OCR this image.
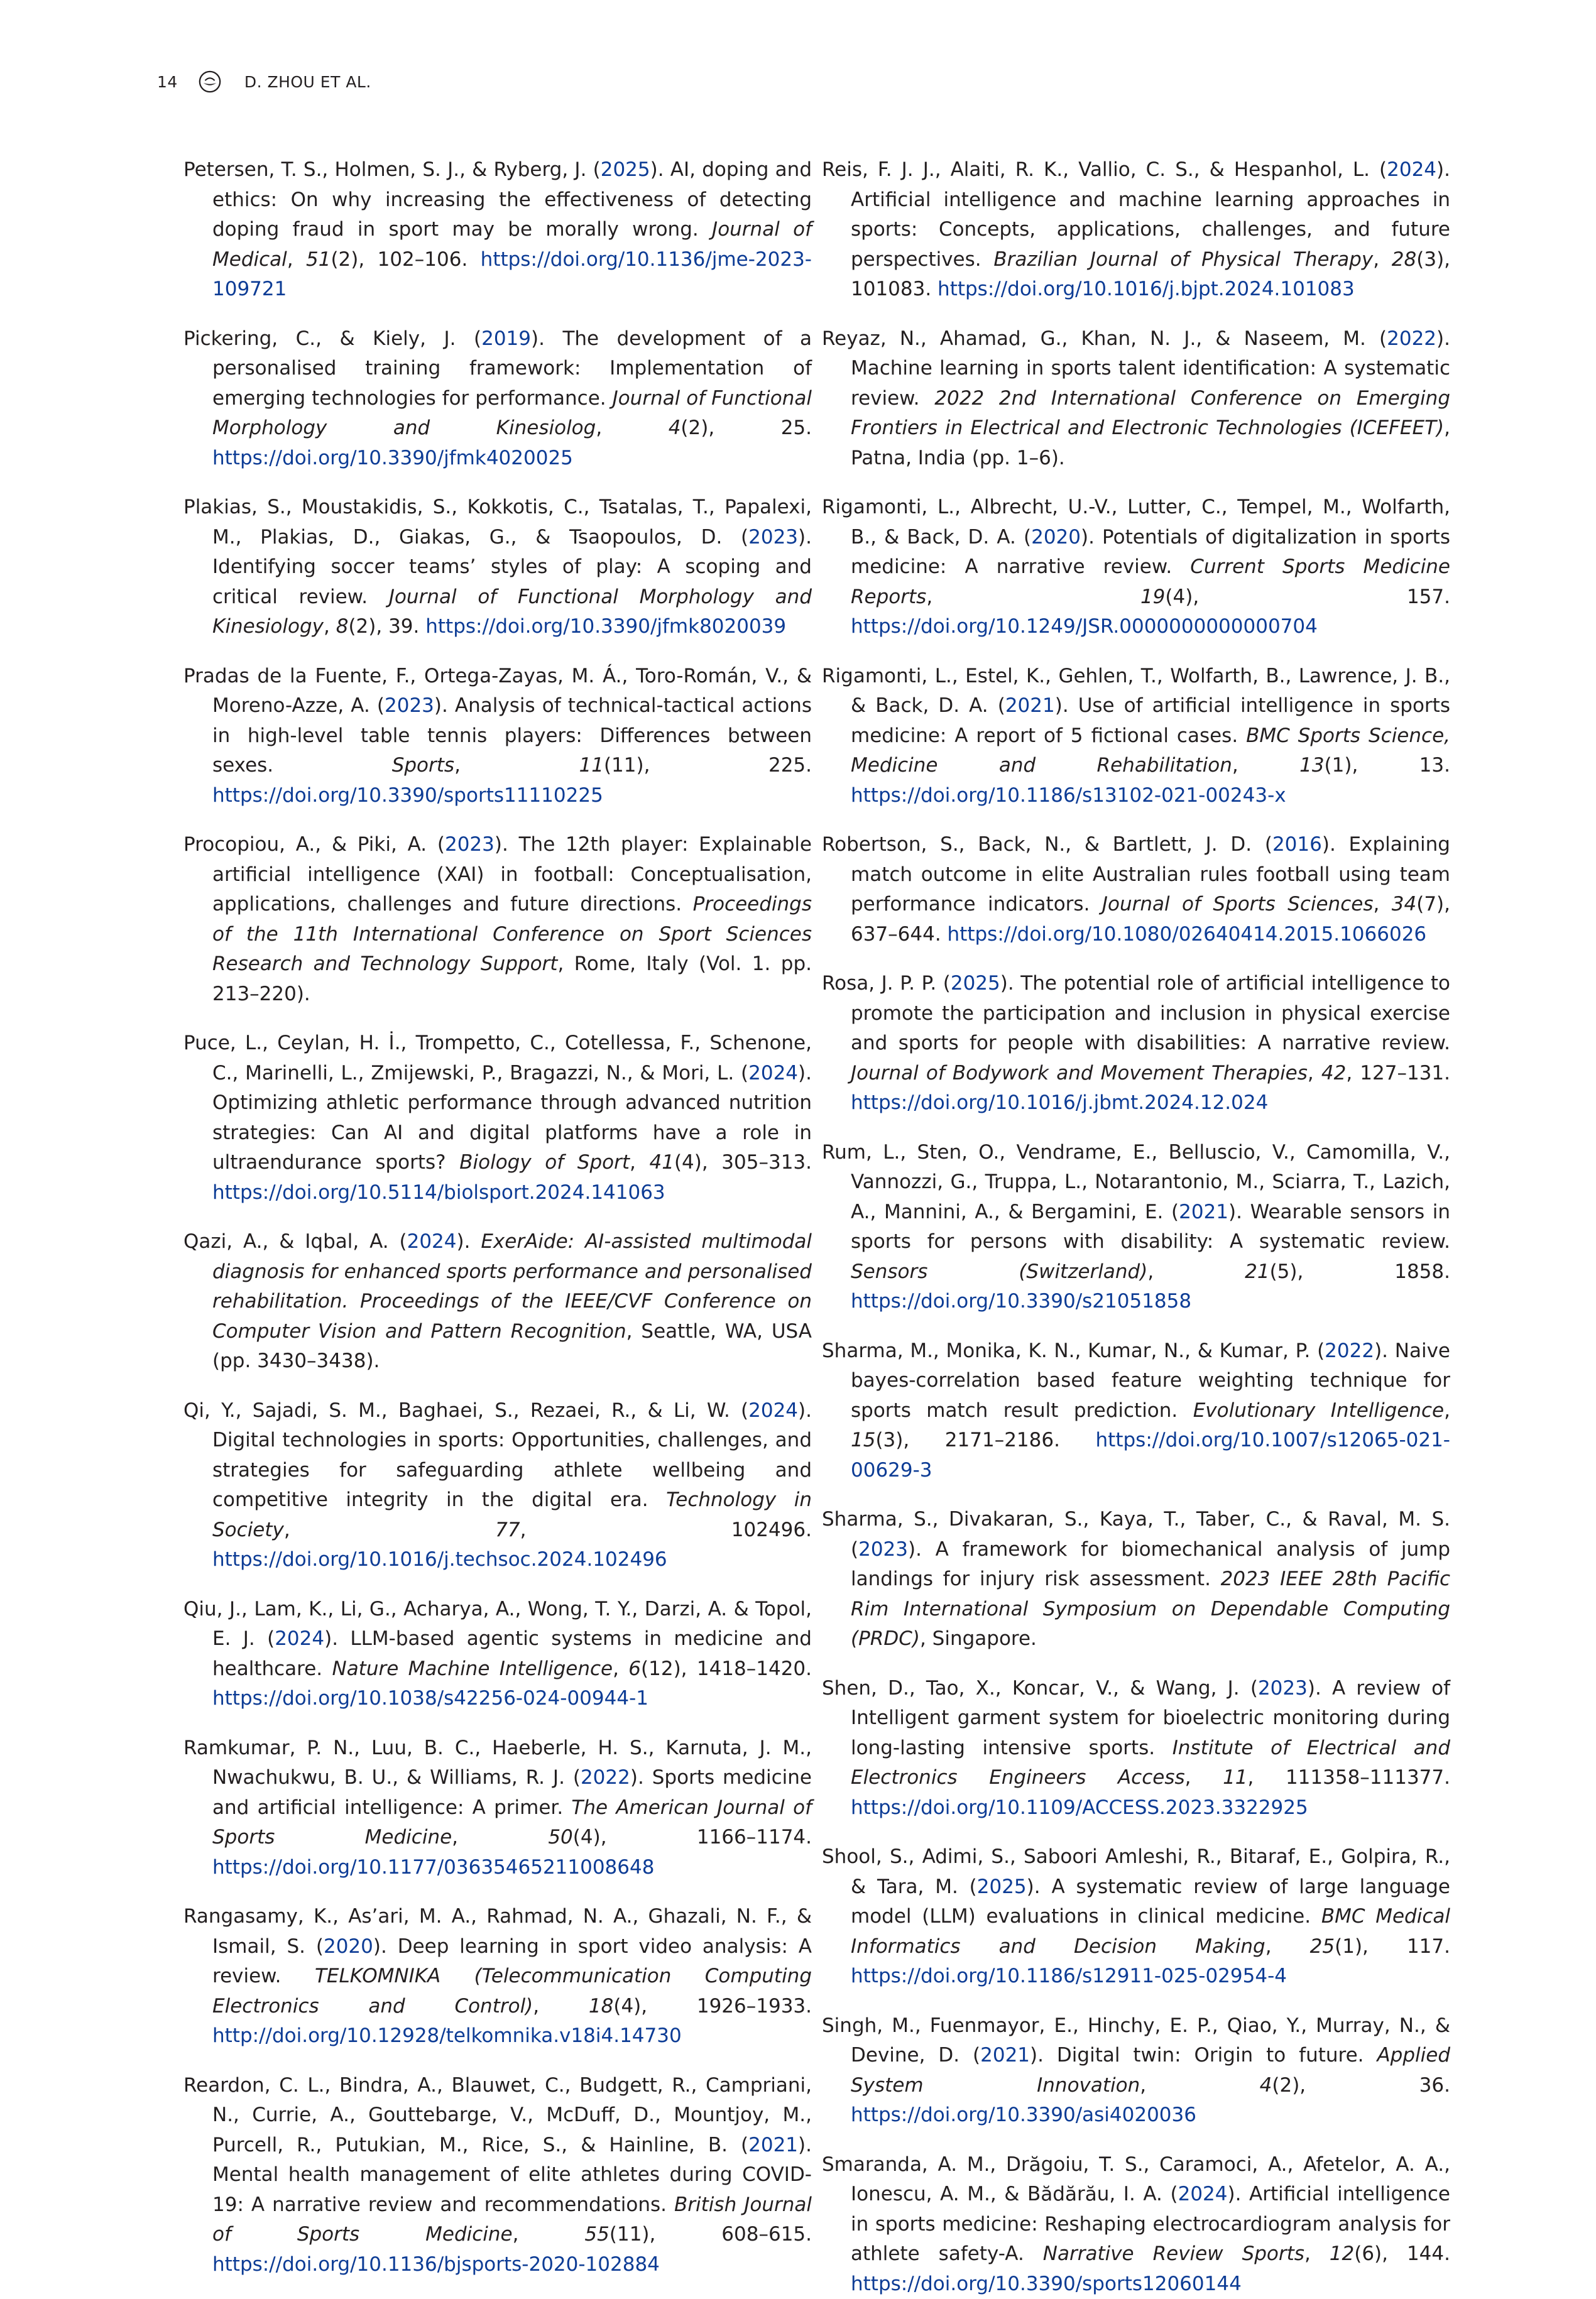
14	D. ZHOU ET AL.

Petersen, T. S., Holmen, S. J., & Ryberg, J. (2025). AI, doping and ethics: On why increasing the effectiveness of detecting doping fraud in sport may be morally wrong. Journal of Medical, 51(2), 102–106. https://doi.org/10.1136/jme-2023-109721

Pickering, C., & Kiely, J. (2019). The development of a personalised training framework: Implementation of emerging technologies for performance. Journal of Functional Morphology and Kinesiolog, 4(2), 25. https://doi.org/10.3390/jfmk4020025

Plakias, S., Moustakidis, S., Kokkotis, C., Tsatalas, T., Papalexi, M., Plakias, D., Giakas, G., & Tsaopoulos, D. (2023). Identifying soccer teams’ styles of play: A scoping and critical review. Journal of Functional Morphology and Kinesiology, 8(2), 39. https://doi.org/10.3390/jfmk8020039

Pradas de la Fuente, F., Ortega-Zayas, M. Á., Toro-Román, V., & Moreno-Azze, A. (2023). Analysis of technical-tactical actions in high-level table tennis players: Differences between sexes. Sports, 11(11), 225. https://doi.org/10.3390/sports11110225

Procopiou, A., & Piki, A. (2023). The 12th player: Explainable artificial intelligence (XAI) in football: Conceptualisation, applications, challenges and future directions. Proceedings of the 11th International Conference on Sport Sciences Research and Technology Support, Rome, Italy (Vol. 1. pp. 213–220).

Puce, L., Ceylan, H. İ., Trompetto, C., Cotellessa, F., Schenone, C., Marinelli, L., Zmijewski, P., Bragazzi, N., & Mori, L. (2024). Optimizing athletic performance through advanced nutrition strategies: Can AI and digital platforms have a role in ultraendurance sports? Biology of Sport, 41(4), 305–313. https://doi.org/10.5114/biolsport.2024.141063

Qazi, A., & Iqbal, A. (2024). ExerAide: AI-assisted multimodal diagnosis for enhanced sports performance and personalised rehabilitation. Proceedings of the IEEE/CVF Conference on Computer Vision and Pattern Recognition, Seattle, WA, USA (pp. 3430–3438).

Qi, Y., Sajadi, S. M., Baghaei, S., Rezaei, R., & Li, W. (2024). Digital technologies in sports: Opportunities, challenges, and strategies for safeguarding athlete wellbeing and competitive integrity in the digital era. Technology in Society, 77, 102496. https://doi.org/10.1016/j.techsoc.2024.102496

Qiu, J., Lam, K., Li, G., Acharya, A., Wong, T. Y., Darzi, A. & Topol, E. J. (2024). LLM-based agentic systems in medicine and healthcare. Nature Machine Intelligence, 6(12), 1418–1420. https://doi.org/10.1038/s42256-024-00944-1

Ramkumar, P. N., Luu, B. C., Haeberle, H. S., Karnuta, J. M., Nwachukwu, B. U., & Williams, R. J. (2022). Sports medicine and artificial intelligence: A primer. The American Journal of Sports Medicine, 50(4), 1166–1174. https://doi.org/10.1177/03635465211008648

Rangasamy, K., As’ari, M. A., Rahmad, N. A., Ghazali, N. F., & Ismail, S. (2020). Deep learning in sport video analysis: A review. TELKOMNIKA (Telecommunication Computing Electronics and Control), 18(4), 1926–1933. http://doi.org/10.12928/telkomnika.v18i4.14730

Reardon, C. L., Bindra, A., Blauwet, C., Budgett, R., Campriani, N., Currie, A., Gouttebarge, V., McDuff, D., Mountjoy, M., Purcell, R., Putukian, M., Rice, S., & Hainline, B. (2021). Mental health management of elite athletes during COVID-19: A narrative review and recommendations. British Journal of Sports Medicine, 55(11), 608–615. https://doi.org/10.1136/bjsports-2020-102884

Reis, F. J. J., Alaiti, R. K., Vallio, C. S., & Hespanhol, L. (2024). Artificial intelligence and machine learning approaches in sports: Concepts, applications, challenges, and future perspectives. Brazilian Journal of Physical Therapy, 28(3), 101083. https://doi.org/10.1016/j.bjpt.2024.101083

Reyaz, N., Ahamad, G., Khan, N. J., & Naseem, M. (2022). Machine learning in sports talent identification: A systematic review. 2022 2nd International Conference on Emerging Frontiers in Electrical and Electronic Technologies (ICEFEET), Patna, India (pp. 1–6).

Rigamonti, L., Albrecht, U.-V., Lutter, C., Tempel, M., Wolfarth, B., & Back, D. A. (2020). Potentials of digitalization in sports medicine: A narrative review. Current Sports Medicine Reports, 19(4), 157. https://doi.org/10.1249/JSR.0000000000000704

Rigamonti, L., Estel, K., Gehlen, T., Wolfarth, B., Lawrence, J. B., & Back, D. A. (2021). Use of artificial intelligence in sports medicine: A report of 5 fictional cases. BMC Sports Science, Medicine and Rehabilitation, 13(1), 13. https://doi.org/10.1186/s13102-021-00243-x

Robertson, S., Back, N., & Bartlett, J. D. (2016). Explaining match outcome in elite Australian rules football using team performance indicators. Journal of Sports Sciences, 34(7), 637–644. https://doi.org/10.1080/02640414.2015.1066026

Rosa, J. P. P. (2025). The potential role of artificial intelligence to promote the participation and inclusion in physical exercise and sports for people with disabilities: A narrative review. Journal of Bodywork and Movement Therapies, 42, 127–131. https://doi.org/10.1016/j.jbmt.2024.12.024

Rum, L., Sten, O., Vendrame, E., Belluscio, V., Camomilla, V., Vannozzi, G., Truppa, L., Notarantonio, M., Sciarra, T., Lazich, A., Mannini, A., & Bergamini, E. (2021). Wearable sensors in sports for persons with disability: A systematic review. Sensors (Switzerland), 21(5), 1858. https://doi.org/10.3390/s21051858

Sharma, M., Monika, K. N., Kumar, N., & Kumar, P. (2022). Naive bayes-correlation based feature weighting technique for sports match result prediction. Evolutionary Intelligence, 15(3), 2171–2186. https://doi.org/10.1007/s12065-021-00629-3

Sharma, S., Divakaran, S., Kaya, T., Taber, C., & Raval, M. S. (2023). A framework for biomechanical analysis of jump landings for injury risk assessment. 2023 IEEE 28th Pacific Rim International Symposium on Dependable Computing (PRDC), Singapore.

Shen, D., Tao, X., Koncar, V., & Wang, J. (2023). A review of Intelligent garment system for bioelectric monitoring during long-lasting intensive sports. Institute of Electrical and Electronics Engineers Access, 11, 111358–111377. https://doi.org/10.1109/ACCESS.2023.3322925

Shool, S., Adimi, S., Saboori Amleshi, R., Bitaraf, E., Golpira, R., & Tara, M. (2025). A systematic review of large language model (LLM) evaluations in clinical medicine. BMC Medical Informatics and Decision Making, 25(1), 117. https://doi.org/10.1186/s12911-025-02954-4

Singh, M., Fuenmayor, E., Hinchy, E. P., Qiao, Y., Murray, N., & Devine, D. (2021). Digital twin: Origin to future. Applied System Innovation, 4(2), 36. https://doi.org/10.3390/asi4020036

Smaranda, A. M., Drăgoiu, T. S., Caramoci, A., Afetelor, A. A., Ionescu, A. M., & Bădărău, I. A. (2024). Artificial intelligence in sports medicine: Reshaping electrocardiogram analysis for athlete safety-A. Narrative Review Sports, 12(6), 144. https://doi.org/10.3390/sports12060144
